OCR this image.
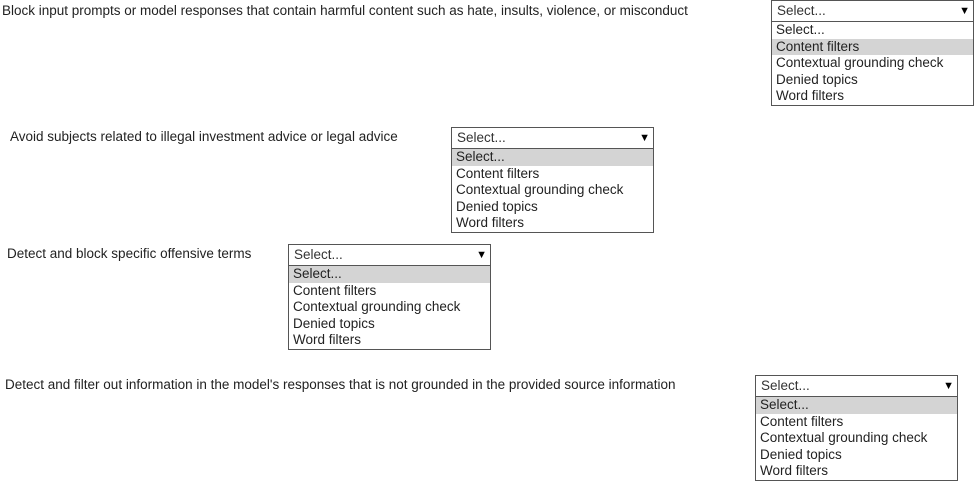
Block input prompts or model responses that contain harmful content such as hate, insults, violence, or misconduct	Select...	▼
Select...
Content filters
Contextual grounding check
Denied topics
Word filters
Avoid subjects related to illegal investment advice or legal advice	Select...	▼
Select...
Content filters
Contextual grounding check
Denied topics
Word filters
Detect and block specific offensive terms	Select...	▼
Select...
Content filters
Contextual grounding check
Denied topics
Word filters
Detect and filter out information in the model's responses that is not grounded in the provided source information	Select...	▼
Select...
Content filters
Contextual grounding check
Denied topics
Word filters
